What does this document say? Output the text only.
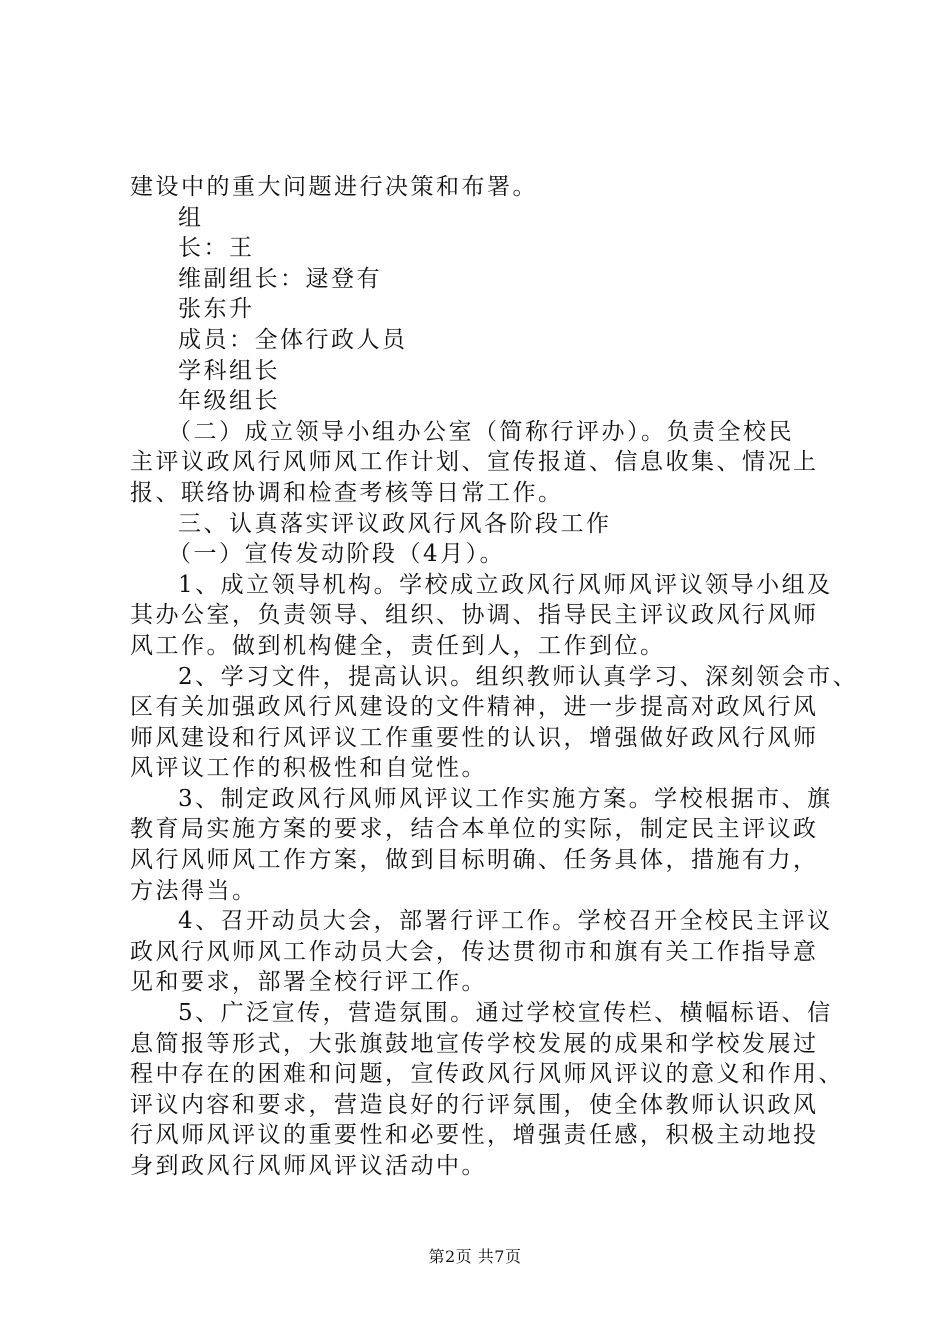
建设中的重大问题进行决策和布署。
组
长：王
维副组长：逯登有
张东升
成员：全体行政人员
学科组长
年级组长
（二）成立领导小组办公室（简称行评办）。负责全校民
主评议政风行风师风工作计划、宣传报道、信息收集、情况上
报、联络协调和检查考核等日常工作。
三、认真落实评议政风行风各阶段工作
（一）宣传发动阶段（4月）。
1、成立领导机构。学校成立政风行风师风评议领导小组及
其办公室，负责领导、组织、协调、指导民主评议政风行风师
风工作。做到机构健全，责任到人，工作到位。
2、学习文件，提高认识。组织教师认真学习、深刻领会市、
区有关加强政风行风建设的文件精神，进一步提高对政风行风
师风建设和行风评议工作重要性的认识，增强做好政风行风师
风评议工作的积极性和自觉性。
3、制定政风行风师风评议工作实施方案。学校根据市、旗
教育局实施方案的要求，结合本单位的实际，制定民主评议政
风行风师风工作方案，做到目标明确、任务具体，措施有力，
方法得当。
4、召开动员大会，部署行评工作。学校召开全校民主评议
政风行风师风工作动员大会，传达贯彻市和旗有关工作指导意
见和要求，部署全校行评工作。
5、广泛宣传，营造氛围。通过学校宣传栏、横幅标语、信
息简报等形式，大张旗鼓地宣传学校发展的成果和学校发展过
程中存在的困难和问题，宣传政风行风师风评议的意义和作用、
评议内容和要求，营造良好的行评氛围，使全体教师认识政风
行风师风评议的重要性和必要性，增强责任感，积极主动地投
身到政风行风师风评议活动中。
第2页 共7页
